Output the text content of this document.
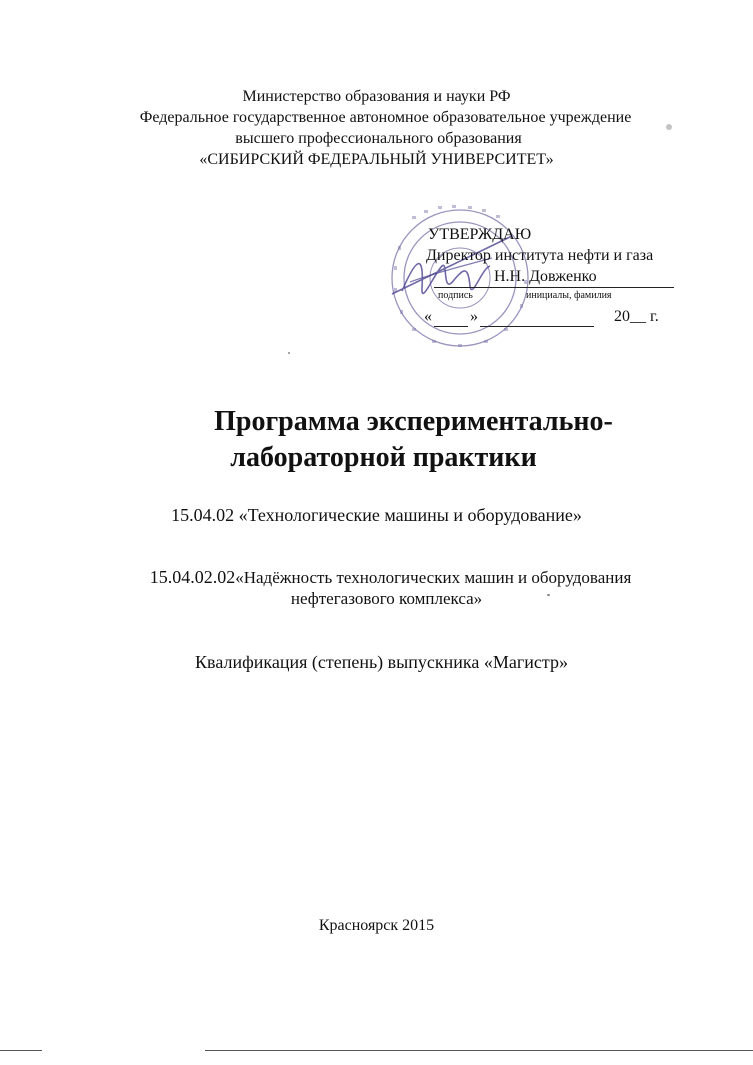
Министерство образования и науки РФ
Федеральное государственное автономное образовательное учреждение
высшего профессионального образования
«СИБИРСКИЙ ФЕДЕРАЛЬНЫЙ УНИВЕРСИТЕТ»
УТВЕРЖДАЮ
Директор института нефти и газа
Н.Н. Довженко
подпись	инициалы, фамилия
« »	20__ г.
Программа экспериментально-
лабораторной практики
15.04.02 «Технологические машины и оборудование»
15.04.02.02«Надёжность технологических машин и оборудования
нефтегазового комплекса»
Квалификация (степень) выпускника «Магистр»
Красноярск 2015
